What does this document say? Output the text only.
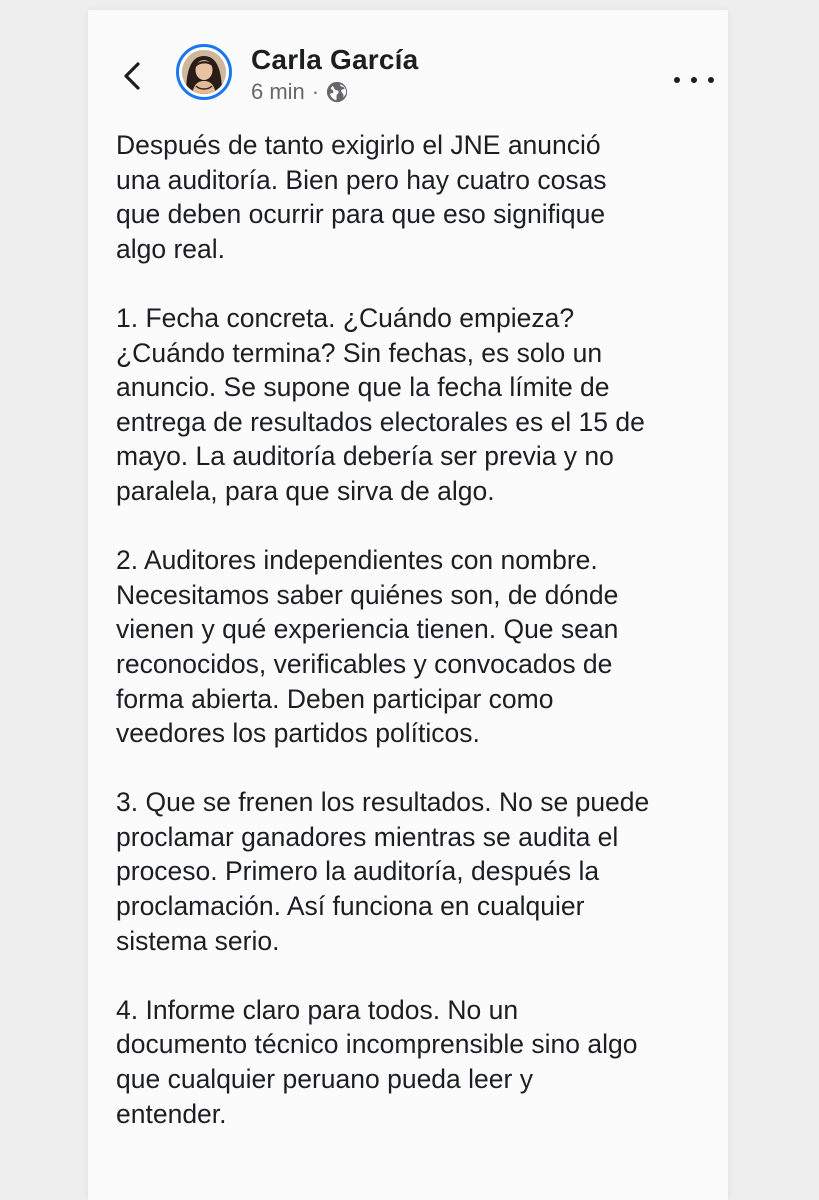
Carla García
6 min ·

Después de tanto exigirlo el JNE anunció
una auditoría. Bien pero hay cuatro cosas
que deben ocurrir para que eso signifique
algo real.

1. Fecha concreta. ¿Cuándo empieza?
¿Cuándo termina? Sin fechas, es solo un
anuncio. Se supone que la fecha límite de
entrega de resultados electorales es el 15 de
mayo. La auditoría debería ser previa y no
paralela, para que sirva de algo.

2. Auditores independientes con nombre.
Necesitamos saber quiénes son, de dónde
vienen y qué experiencia tienen. Que sean
reconocidos, verificables y convocados de
forma abierta. Deben participar como
veedores los partidos políticos.

3. Que se frenen los resultados. No se puede
proclamar ganadores mientras se audita el
proceso. Primero la auditoría, después la
proclamación. Así funciona en cualquier
sistema serio.

4. Informe claro para todos. No un
documento técnico incomprensible sino algo
que cualquier peruano pueda leer y
entender.
